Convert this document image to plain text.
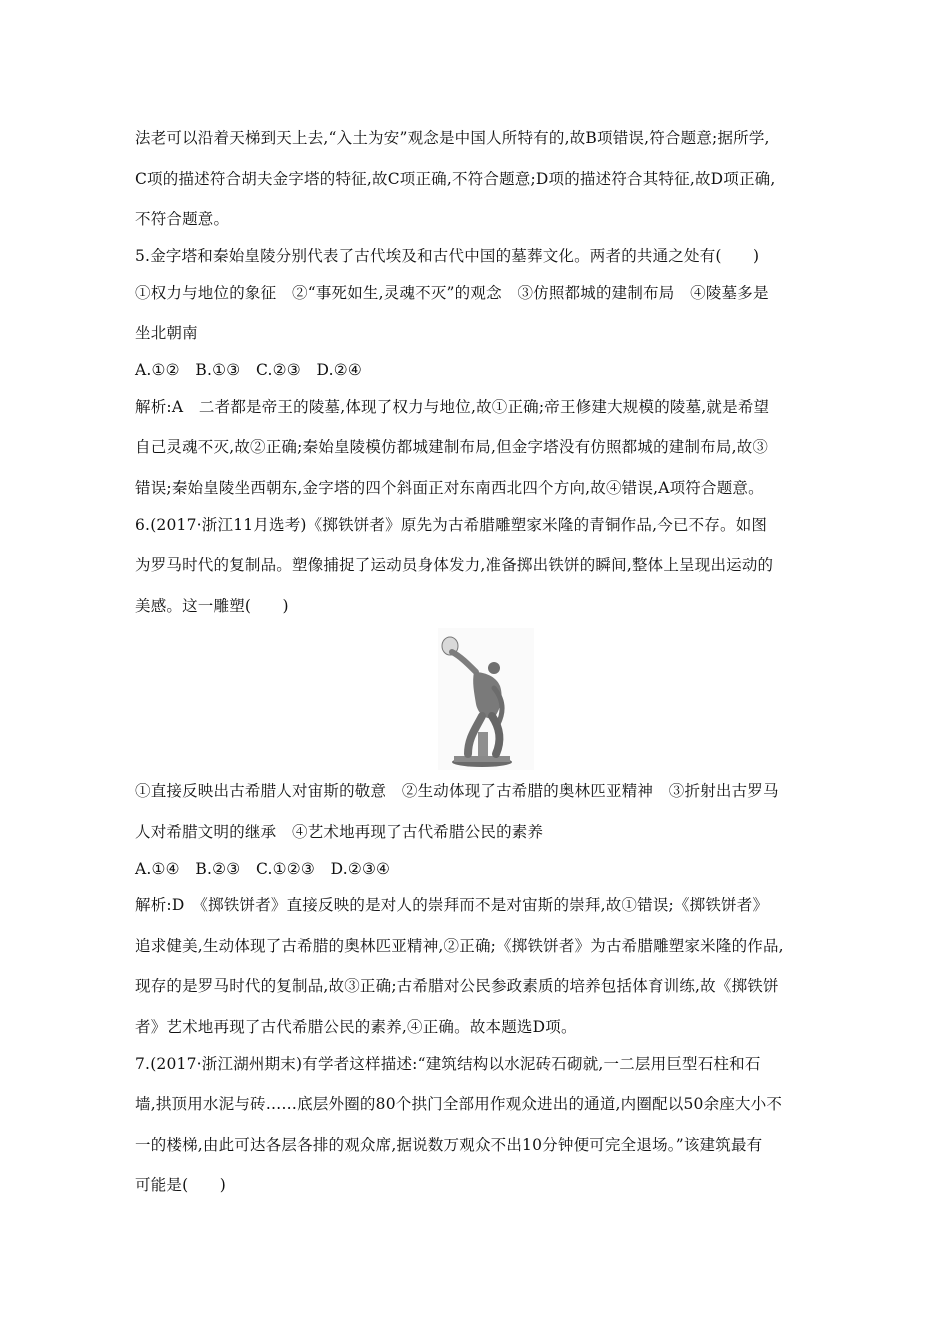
法老可以沿着天梯到天上去,“入土为安”观念是中国人所特有的,故B项错误,符合题意;据所学,
C项的描述符合胡夫金字塔的特征,故C项正确,不符合题意;D项的描述符合其特征,故D项正确,
不符合题意。
5.金字塔和秦始皇陵分别代表了古代埃及和古代中国的墓葬文化。两者的共通之处有(　　)
①权力与地位的象征　②“事死如生,灵魂不灭”的观念　③仿照都城的建制布局　④陵墓多是
坐北朝南
A.①②　B.①③　C.②③　D.②④
解析:A　二者都是帝王的陵墓,体现了权力与地位,故①正确;帝王修建大规模的陵墓,就是希望
自己灵魂不灭,故②正确;秦始皇陵模仿都城建制布局,但金字塔没有仿照都城的建制布局,故③
错误;秦始皇陵坐西朝东,金字塔的四个斜面正对东南西北四个方向,故④错误,A项符合题意。
6.(2017·浙江11月选考)《掷铁饼者》原先为古希腊雕塑家米隆的青铜作品,今已不存。如图
为罗马时代的复制品。塑像捕捉了运动员身体发力,准备掷出铁饼的瞬间,整体上呈现出运动的
美感。这一雕塑(　　)
①直接反映出古希腊人对宙斯的敬意　②生动体现了古希腊的奥林匹亚精神　③折射出古罗马
人对希腊文明的继承　④艺术地再现了古代希腊公民的素养
A.①④　B.②③　C.①②③　D.②③④
解析:D　《掷铁饼者》直接反映的是对人的崇拜而不是对宙斯的崇拜,故①错误;《掷铁饼者》
追求健美,生动体现了古希腊的奥林匹亚精神,②正确;《掷铁饼者》为古希腊雕塑家米隆的作品,
现存的是罗马时代的复制品,故③正确;古希腊对公民参政素质的培养包括体育训练,故《掷铁饼
者》艺术地再现了古代希腊公民的素养,④正确。故本题选D项。
7.(2017·浙江湖州期末)有学者这样描述:“建筑结构以水泥砖石砌就,一二层用巨型石柱和石
墙,拱顶用水泥与砖……底层外圈的80个拱门全部用作观众进出的通道,内圈配以50余座大小不
一的楼梯,由此可达各层各排的观众席,据说数万观众不出10分钟便可完全退场。”该建筑最有
可能是(　　)
